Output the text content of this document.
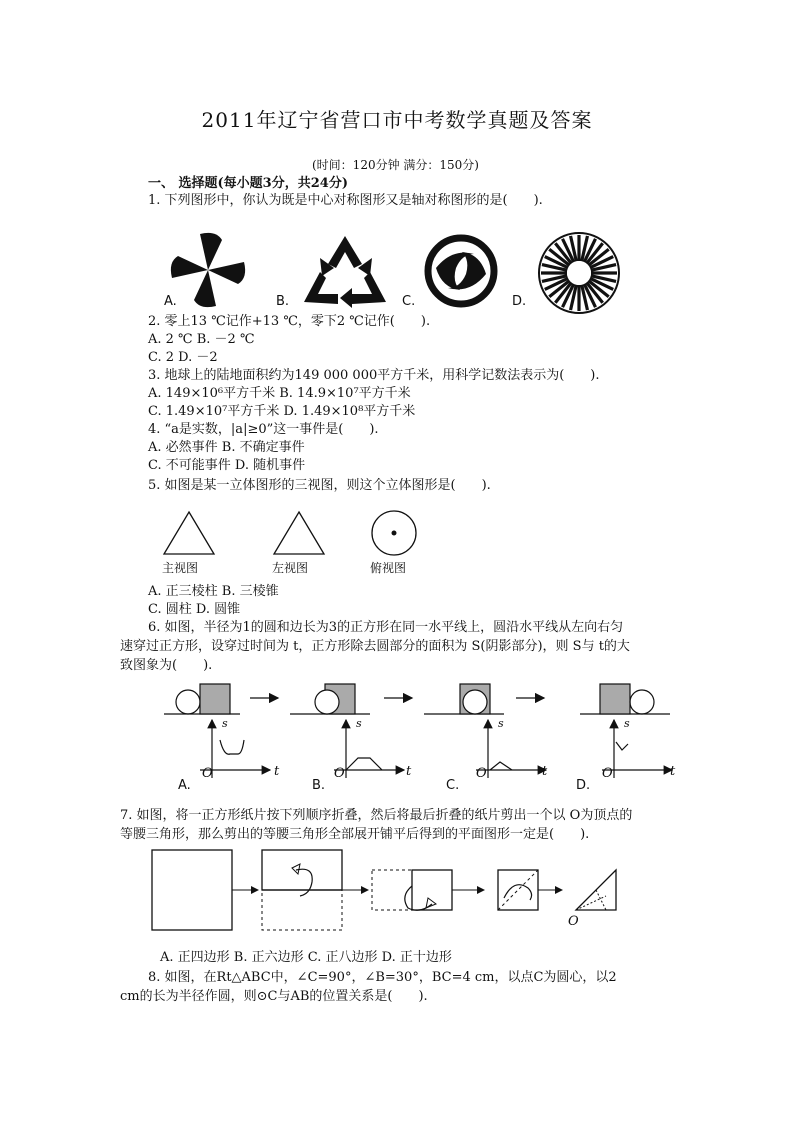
2011年辽宁省营口市中考数学真题及答案
(时间：120分钟 满分：150分)
一、 选择题(每小题3分，共24分)
1. 下列图形中，你认为既是中心对称图形又是轴对称图形的是(　　).
A.	B.	C.	D.
2. 零上13 ℃记作+13 ℃，零下2 ℃记作(　　).
A. 2 ℃ B. －2 ℃
C. 2 D. －2
3. 地球上的陆地面积约为149 000 000平方千米，用科学记数法表示为(　　).
A. 149×10⁶平方千米 B. 14.9×10⁷平方千米
C. 1.49×10⁷平方千米 D. 1.49×10⁸平方千米
4. “a是实数，|a|≥0”这一事件是(　　).
A. 必然事件 B. 不确定事件
C. 不可能事件 D. 随机事件
5. 如图是某一立体图形的三视图，则这个立体图形是(　　).
主视图	左视图	俯视图
A. 正三棱柱 B. 三棱锥
C. 圆柱 D. 圆锥
6. 如图，半径为1的圆和边长为3的正方形在同一水平线上，圆沿水平线从左向右匀
速穿过正方形，设穿过时间为 t，正方形除去圆部分的面积为 S(阴影部分)，则 S与 t的大
致图象为(　　).
s
t
O
A.
s
t
O
B.
s
t
O
C.
s
t
O
D.
7. 如图，将一正方形纸片按下列顺序折叠，然后将最后折叠的纸片剪出一个以 O为顶点的
等腰三角形，那么剪出的等腰三角形全部展开铺平后得到的平面图形一定是(　　).
O
A. 正四边形 B. 正六边形 C. 正八边形 D. 正十边形
8. 如图，在Rt△ABC中，∠C=90°，∠B=30°，BC=4 cm，以点C为圆心，以2
cm的长为半径作圆，则⊙C与AB的位置关系是(　　).
